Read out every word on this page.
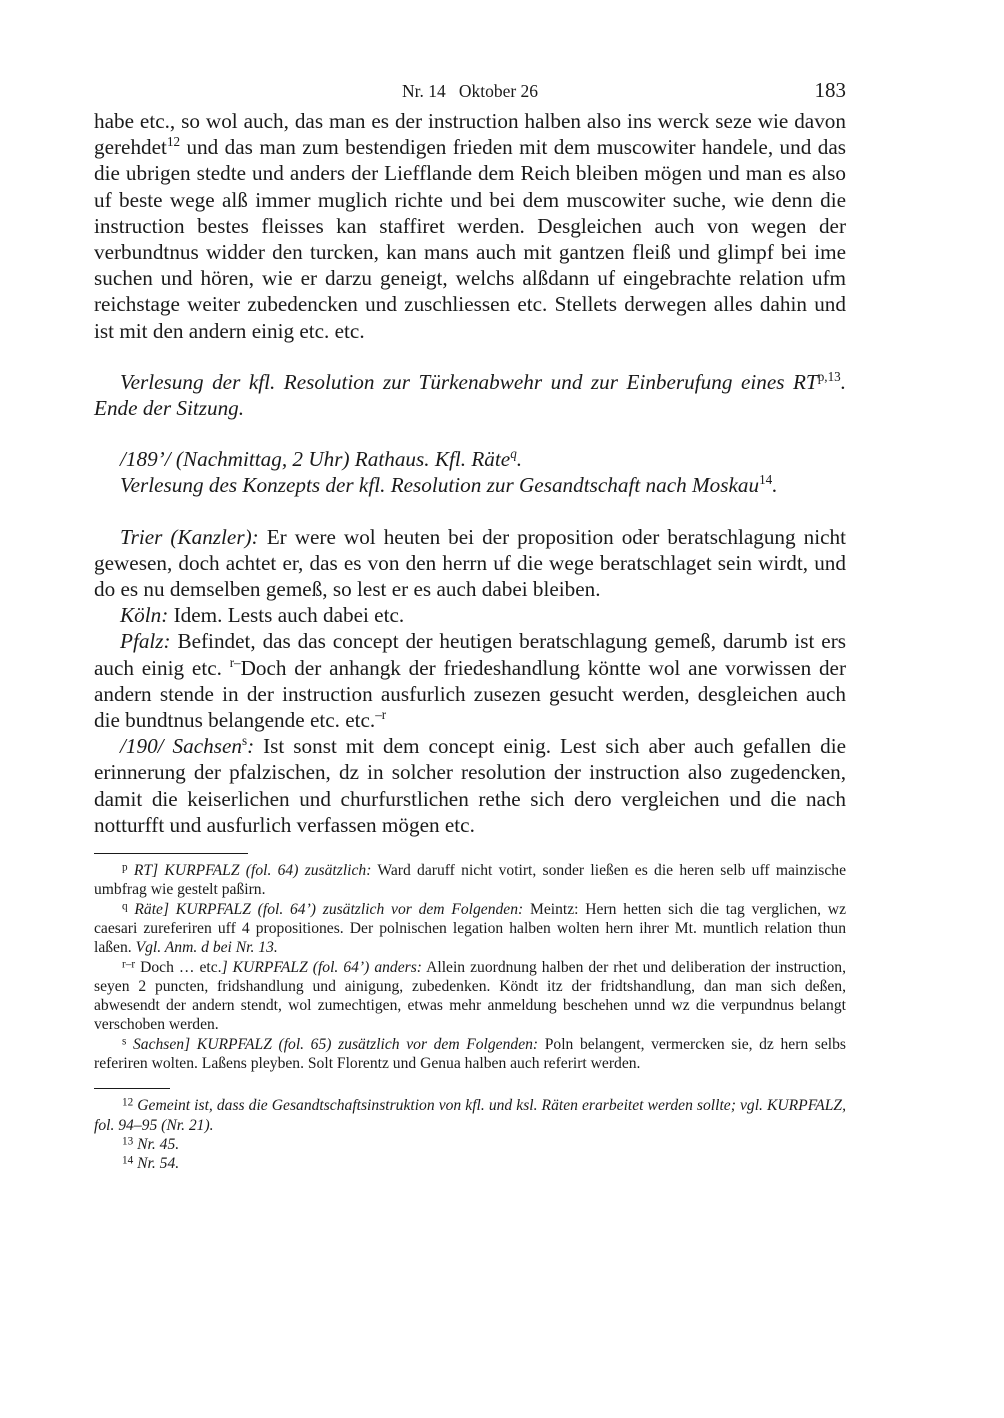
Nr. 14   Oktober 26	183

habe etc., so wol auch, das man es der instruction halben also ins werck seze wie davon gerehdet$^{12}$ und das man zum bestendigen frieden mit dem muscowiter handele, und das die ubrigen stedte und anders der Liefflande dem Reich bleiben mögen und man es also uf beste wege alß immer muglich richte und bei dem muscowiter suche, wie denn die instruction bestes fleisses kan staffiret werden. Desgleichen auch von wegen der verbundtnus widder den turcken, kan mans auch mit gantzen fleiß und glimpf bei ime suchen und hören, wie er darzu geneigt, welchs alßdann uf eingebrachte relation ufm reichstage weiter zubedencken und zuschliessen etc. Stellets derwegen alles dahin und ist mit den andern einig etc. etc.

Verlesung der kfl. Resolution zur Türkenabwehr und zur Einberufung eines RT$^{p,13}$. Ende der Sitzung.

/189’/ (Nachmittag, 2 Uhr) Rathaus. Kfl. Räte$^q$.

Verlesung des Konzepts der kfl. Resolution zur Gesandtschaft nach Moskau$^{14}$.

Trier (Kanzler): Er were wol heuten bei der proposition oder beratschlagung nicht gewesen, doch achtet er, das es von den herrn uf die wege beratschlaget sein wirdt, und do es nu demselben gemeß, so lest er es auch dabei bleiben.

Köln: Idem. Lests auch dabei etc.

Pfalz: Befindet, das das concept der heutigen beratschlagung gemeß, darumb ist ers auch einig etc. $^{r-}$Doch der anhangk der friedeshandlung köntte wol ane vorwissen der andern stende in der instruction ausfurlich zusezen gesucht werden, desgleichen auch die bundtnus belangende etc. etc.$^{-r}$

/190/ Sachsen$^s$: Ist sonst mit dem concept einig. Lest sich aber auch gefallen die erinnerung der pfalzischen, dz in solcher resolution der instruction also zugedencken, damit die keiserlichen und churfurstlichen rethe sich dero vergleichen und die nach notturfft und ausfurlich verfassen mögen etc.

$^p$ RT] KURPFALZ (fol. 64) zusätzlich: Ward daruff nicht votirt, sonder ließen es die heren selb uff mainzische umbfrag wie gestelt paßirn.

$^q$ Räte] KURPFALZ (fol. 64’) zusätzlich vor dem Folgenden: Meintz: Hern hetten sich die tag verglichen, wz caesari zureferiren uff 4 propositiones. Der polnischen legation halben wolten hern ihrer Mt. muntlich relation thun laßen. Vgl. Anm. d bei Nr. 13.

$^{r-r}$ Doch … etc.] KURPFALZ (fol. 64’) anders: Allein zuordnung halben der rhet und deliberation der instruction, seyen 2 puncten, fridshandlung und ainigung, zubedenken. Köndt itz der fridtshandlung, dan man sich deßen, abwesendt der andern stendt, wol zumechtigen, etwas mehr anmeldung beschehen unnd wz die verpundnus belangt verschoben werden.

$^s$ Sachsen] KURPFALZ (fol. 65) zusätzlich vor dem Folgenden: Poln belangent, vermercken sie, dz hern selbs referiren wolten. Laßens pleyben. Solt Florentz und Genua halben auch referirt werden.

$^{12}$ Gemeint ist, dass die Gesandtschaftsinstruktion von kfl. und ksl. Räten erarbeitet werden sollte; vgl. KURPFALZ, fol. 94–95 (Nr. 21).

$^{13}$ Nr. 45.

$^{14}$ Nr. 54.
